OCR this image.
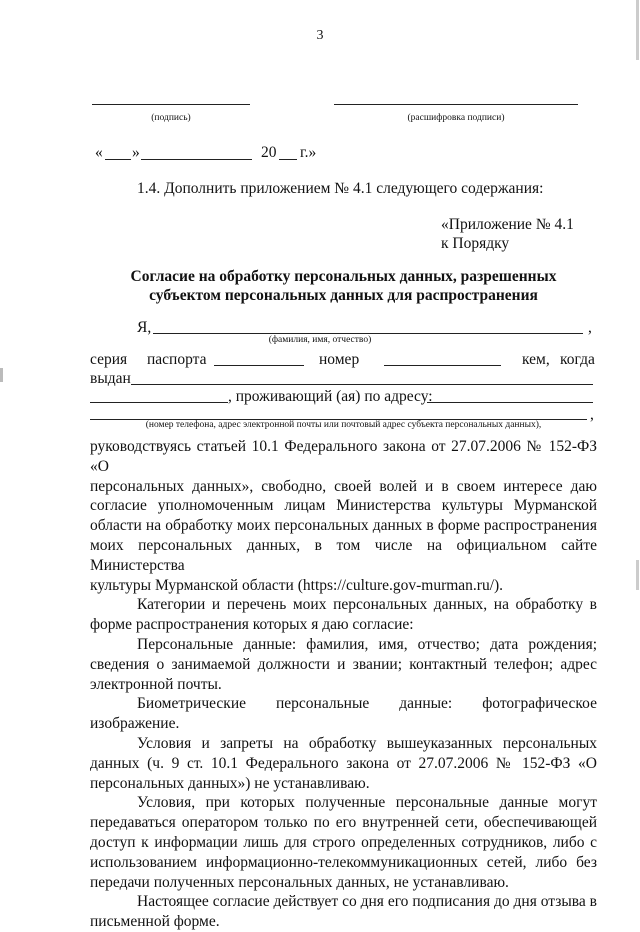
3
(подпись)	(расшифровка подписи)
« »	20 г.»
1.4. Дополнить приложением № 4.1 следующего содержания:
«Приложение № 4.1
к Порядку
Согласие на обработку персональных данных, разрешенных
субъектом персональных данных для распространения
Я,	,
(фамилия, имя, отчество)
серия паспорта	номер	кем, когда
выдан
, проживающий (ая) по адресу:
,
(номер телефона, адрес электронной почты или почтовый адрес субъекта персональных данных),
руководствуясь статьей 10.1 Федерального закона от 27.07.2006 № 152-ФЗ «О
персональных данных», свободно, своей волей и в своем интересе даю
согласие уполномоченным лицам Министерства культуры Мурманской
области на обработку моих персональных данных в форме распространения
моих персональных данных, в том числе на официальном сайте Министерства
культуры Мурманской области (https://culture.gov-murman.ru/).
Категории и перечень моих персональных данных, на обработку в
форме распространения которых я даю согласие:
Персональные данные: фамилия, имя, отчество; дата рождения;
сведения о занимаемой должности и звании; контактный телефон; адрес
электронной почты.
Биометрические персональные данные: фотографическое
изображение.
Условия и запреты на обработку вышеуказанных персональных
данных (ч. 9 ст. 10.1 Федерального закона от 27.07.2006 № 152-ФЗ «О
персональных данных») не устанавливаю.
Условия, при которых полученные персональные данные могут
передаваться оператором только по его внутренней сети, обеспечивающей
доступ к информации лишь для строго определенных сотрудников, либо с
использованием информационно-телекоммуникационных сетей, либо без
передачи полученных персональных данных, не устанавливаю.
Настоящее согласие действует со дня его подписания до дня отзыва в
письменной форме.
